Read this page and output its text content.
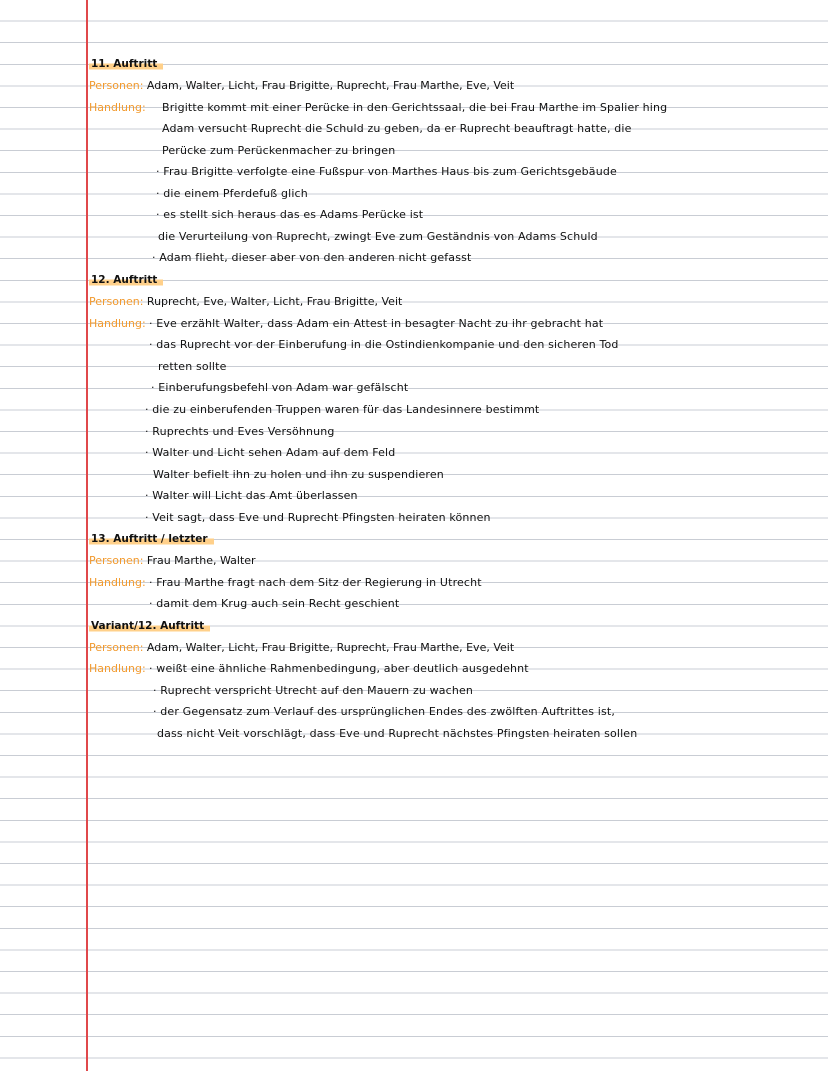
11. Auftritt
Personen: Adam, Walter, Licht, Frau Brigitte, Ruprecht, Frau Marthe, Eve, Veit
Handlung: Brigitte kommt mit einer Perücke in den Gerichtssaal, die bei Frau Marthe im Spalier hing
Adam versucht Ruprecht die Schuld zu geben, da er Ruprecht beauftragt hatte, die
Perücke zum Perückenmacher zu bringen
· Frau Brigitte verfolgte eine Fußspur von Marthes Haus bis zum Gerichtsgebäude
· die einem Pferdefuß glich
· es stellt sich heraus das es Adams Perücke ist
die Verurteilung von Ruprecht, zwingt Eve zum Geständnis von Adams Schuld
· Adam flieht, dieser aber von den anderen nicht gefasst
12. Auftritt
Personen: Ruprecht, Eve, Walter, Licht, Frau Brigitte, Veit
Handlung: · Eve erzählt Walter, dass Adam ein Attest in besagter Nacht zu ihr gebracht hat
· das Ruprecht vor der Einberufung in die Ostindienkompanie und den sicheren Tod
retten sollte
· Einberufungsbefehl von Adam war gefälscht
· die zu einberufenden Truppen waren für das Landesinnere bestimmt
· Ruprechts und Eves Versöhnung
· Walter und Licht sehen Adam auf dem Feld
Walter befielt ihn zu holen und ihn zu suspendieren
· Walter will Licht das Amt überlassen
· Veit sagt, dass Eve und Ruprecht Pfingsten heiraten können
13. Auftritt / letzter
Personen: Frau Marthe, Walter
Handlung: · Frau Marthe fragt nach dem Sitz der Regierung in Utrecht
· damit dem Krug auch sein Recht geschient
Variant/12. Auftritt
Personen: Adam, Walter, Licht, Frau Brigitte, Ruprecht, Frau Marthe, Eve, Veit
Handlung: · weißt eine ähnliche Rahmenbedingung, aber deutlich ausgedehnt
· Ruprecht verspricht Utrecht auf den Mauern zu wachen
· der Gegensatz zum Verlauf des ursprünglichen Endes des zwölften Auftrittes ist,
dass nicht Veit vorschlägt, dass Eve und Ruprecht nächstes Pfingsten heiraten sollen
